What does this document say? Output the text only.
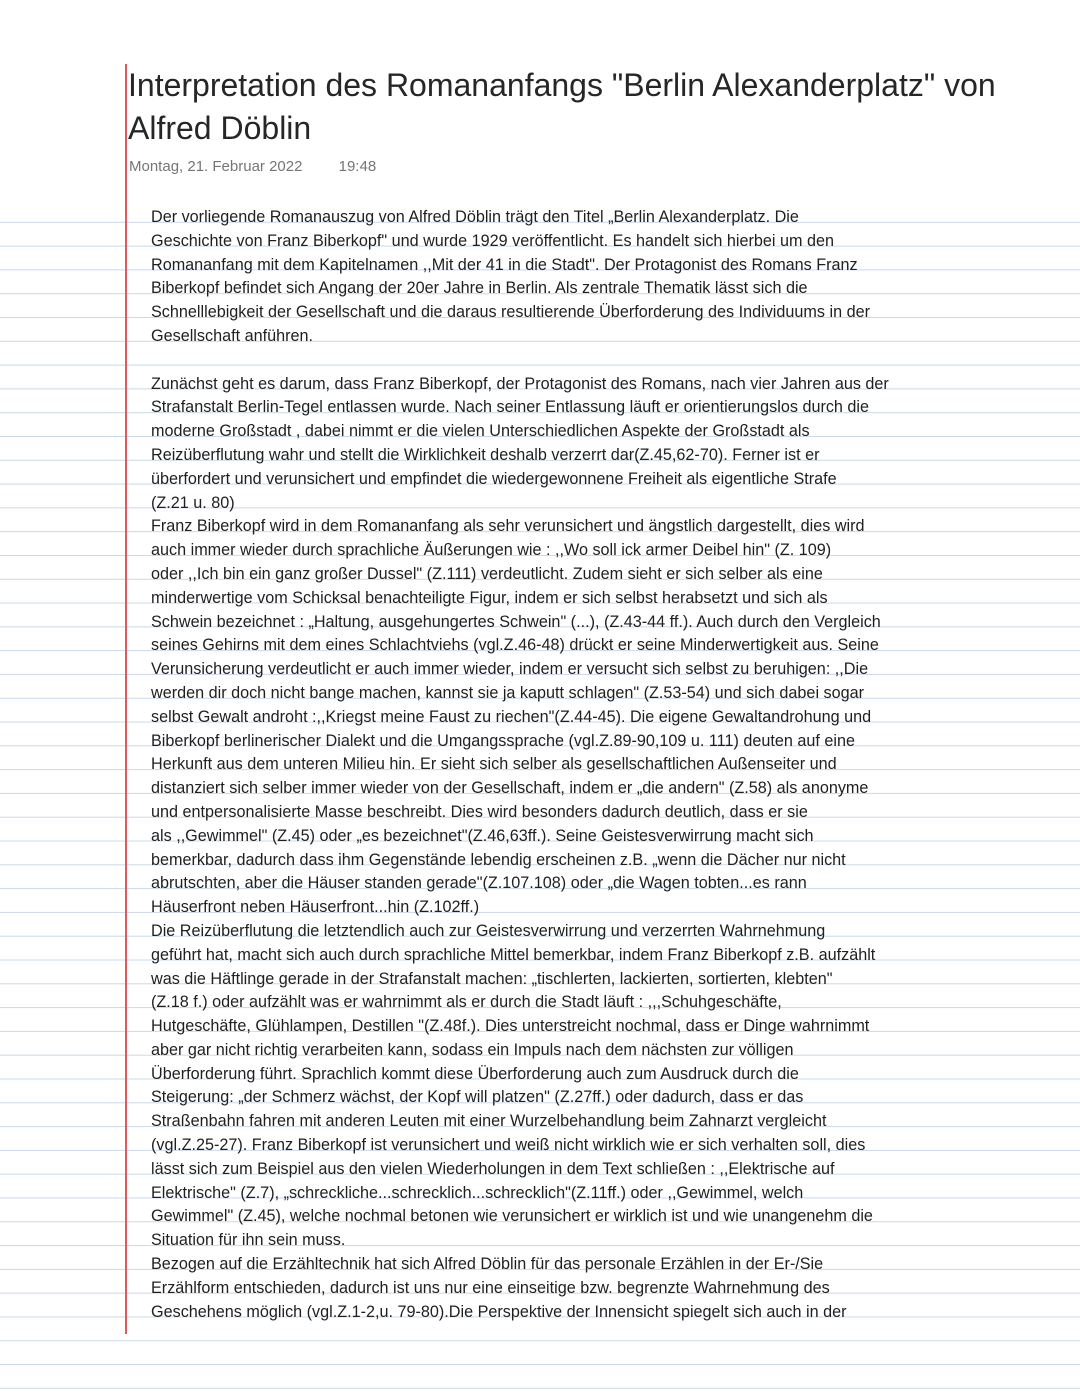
Interpretation des Romananfangs "Berlin Alexanderplatz" von
Alfred Döblin
Montag, 21. Februar 2022 19:48
Der vorliegende Romanauszug von Alfred Döblin trägt den Titel „Berlin Alexanderplatz. Die
Geschichte von Franz Biberkopf" und wurde 1929 veröffentlicht. Es handelt sich hierbei um den
Romananfang mit dem Kapitelnamen ,,Mit der 41 in die Stadt". Der Protagonist des Romans Franz
Biberkopf befindet sich Angang der 20er Jahre in Berlin. Als zentrale Thematik lässt sich die
Schnelllebigkeit der Gesellschaft und die daraus resultierende Überforderung des Individuums in der
Gesellschaft anführen.
Zunächst geht es darum, dass Franz Biberkopf, der Protagonist des Romans, nach vier Jahren aus der
Strafanstalt Berlin-Tegel entlassen wurde. Nach seiner Entlassung läuft er orientierungslos durch die
moderne Großstadt , dabei nimmt er die vielen Unterschiedlichen Aspekte der Großstadt als
Reizüberflutung wahr und stellt die Wirklichkeit deshalb verzerrt dar(Z.45,62-70). Ferner ist er
überfordert und verunsichert und empfindet die wiedergewonnene Freiheit als eigentliche Strafe
(Z.21 u. 80)
Franz Biberkopf wird in dem Romananfang als sehr verunsichert und ängstlich dargestellt, dies wird
auch immer wieder durch sprachliche Äußerungen wie : ,,Wo soll ick armer Deibel hin" (Z. 109)
oder ,,Ich bin ein ganz großer Dussel" (Z.111) verdeutlicht. Zudem sieht er sich selber als eine
minderwertige vom Schicksal benachteiligte Figur, indem er sich selbst herabsetzt und sich als
Schwein bezeichnet : „Haltung, ausgehungertes Schwein" (...), (Z.43-44 ff.). Auch durch den Vergleich
seines Gehirns mit dem eines Schlachtviehs (vgl.Z.46-48) drückt er seine Minderwertigkeit aus. Seine
Verunsicherung verdeutlicht er auch immer wieder, indem er versucht sich selbst zu beruhigen: ,,Die
werden dir doch nicht bange machen, kannst sie ja kaputt schlagen" (Z.53-54) und sich dabei sogar
selbst Gewalt androht :,,Kriegst meine Faust zu riechen"(Z.44-45). Die eigene Gewaltandrohung und
Biberkopf berlinerischer Dialekt und die Umgangssprache (vgl.Z.89-90,109 u. 111) deuten auf eine
Herkunft aus dem unteren Milieu hin. Er sieht sich selber als gesellschaftlichen Außenseiter und
distanziert sich selber immer wieder von der Gesellschaft, indem er „die andern" (Z.58) als anonyme
und entpersonalisierte Masse beschreibt. Dies wird besonders dadurch deutlich, dass er sie
als ,,Gewimmel" (Z.45) oder „es bezeichnet"(Z.46,63ff.). Seine Geistesverwirrung macht sich
bemerkbar, dadurch dass ihm Gegenstände lebendig erscheinen z.B. „wenn die Dächer nur nicht
abrutschten, aber die Häuser standen gerade"(Z.107.108) oder „die Wagen tobten...es rann
Häuserfront neben Häuserfront...hin (Z.102ff.)
Die Reizüberflutung die letztendlich auch zur Geistesverwirrung und verzerrten Wahrnehmung
geführt hat, macht sich auch durch sprachliche Mittel bemerkbar, indem Franz Biberkopf z.B. aufzählt
was die Häftlinge gerade in der Strafanstalt machen: „tischlerten, lackierten, sortierten, klebten"
(Z.18 f.) oder aufzählt was er wahrnimmt als er durch die Stadt läuft : ,,,Schuhgeschäfte,
Hutgeschäfte, Glühlampen, Destillen "(Z.48f.). Dies unterstreicht nochmal, dass er Dinge wahrnimmt
aber gar nicht richtig verarbeiten kann, sodass ein Impuls nach dem nächsten zur völligen
Überforderung führt. Sprachlich kommt diese Überforderung auch zum Ausdruck durch die
Steigerung: „der Schmerz wächst, der Kopf will platzen" (Z.27ff.) oder dadurch, dass er das
Straßenbahn fahren mit anderen Leuten mit einer Wurzelbehandlung beim Zahnarzt vergleicht
(vgl.Z.25-27). Franz Biberkopf ist verunsichert und weiß nicht wirklich wie er sich verhalten soll, dies
lässt sich zum Beispiel aus den vielen Wiederholungen in dem Text schließen : ,,Elektrische auf
Elektrische" (Z.7), „schreckliche...schrecklich...schrecklich"(Z.11ff.) oder ,,Gewimmel, welch
Gewimmel" (Z.45), welche nochmal betonen wie verunsichert er wirklich ist und wie unangenehm die
Situation für ihn sein muss.
Bezogen auf die Erzähltechnik hat sich Alfred Döblin für das personale Erzählen in der Er-/Sie
Erzählform entschieden, dadurch ist uns nur eine einseitige bzw. begrenzte Wahrnehmung des
Geschehens möglich (vgl.Z.1-2,u. 79-80).Die Perspektive der Innensicht spiegelt sich auch in der
